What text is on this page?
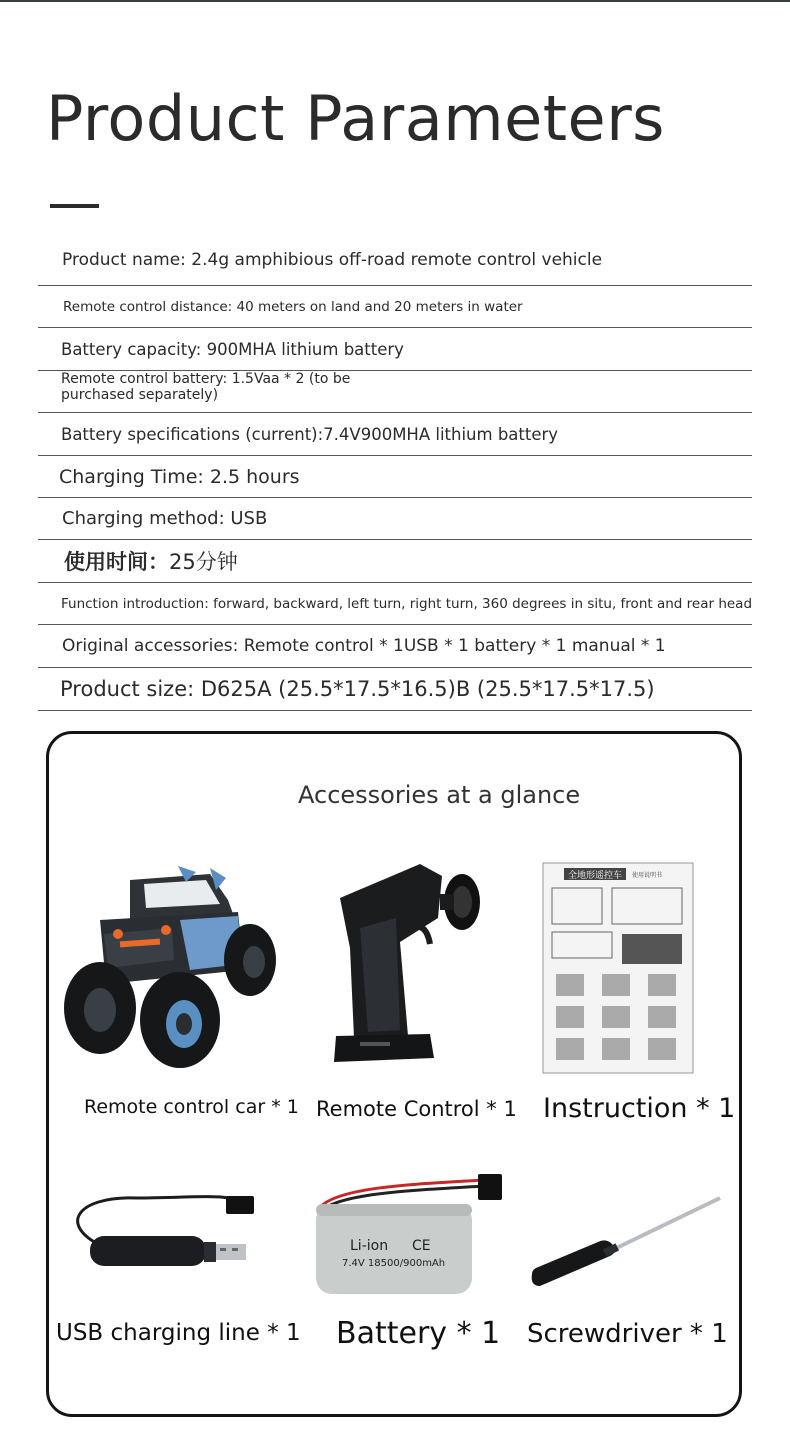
Product Parameters
Product name: 2.4g amphibious off-road remote control vehicle
Remote control distance: 40 meters on land and 20 meters in water
Battery capacity: 900MHA lithium battery
Remote control battery: 1.5Vaa * 2 (to be
purchased separately)
Battery specifications (current):7.4V900MHA lithium battery
Charging Time: 2.5 hours
Charging method: USB
使用时间： 25分钟
Function introduction: forward, backward, left turn, right turn, 360 degrees in situ, front and rear head
Original accessories: Remote control * 1USB * 1 battery * 1 manual * 1
Product size: D625A (25.5*17.5*16.5)B (25.5*17.5*17.5)
Accessories at a glance
全地形遥控车 使用说明书
Remote control car * 1 Remote Control * 1 Instruction * 1
Li-ion CE
7.4V 18500/900mAh
USB charging line * 1 Battery * 1 Screwdriver * 1
